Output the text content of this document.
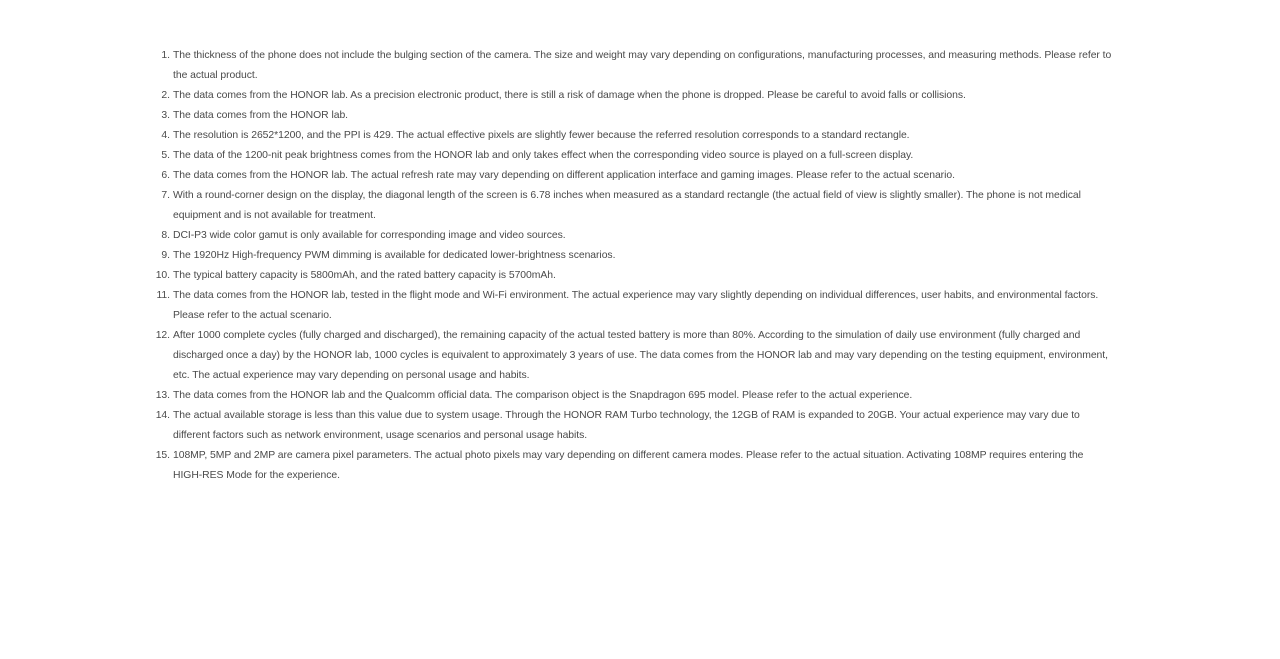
1. The thickness of the phone does not include the bulging section of the camera. The size and weight may vary depending on configurations, manufacturing processes, and measuring methods. Please refer to the actual product.
2. The data comes from the HONOR lab. As a precision electronic product, there is still a risk of damage when the phone is dropped. Please be careful to avoid falls or collisions.
3. The data comes from the HONOR lab.
4. The resolution is 2652*1200, and the PPI is 429. The actual effective pixels are slightly fewer because the referred resolution corresponds to a standard rectangle.
5. The data of the 1200-nit peak brightness comes from the HONOR lab and only takes effect when the corresponding video source is played on a full-screen display.
6. The data comes from the HONOR lab. The actual refresh rate may vary depending on different application interface and gaming images. Please refer to the actual scenario.
7. With a round-corner design on the display, the diagonal length of the screen is 6.78 inches when measured as a standard rectangle (the actual field of view is slightly smaller). The phone is not medical equipment and is not available for treatment.
8. DCI-P3 wide color gamut is only available for corresponding image and video sources.
9. The 1920Hz High-frequency PWM dimming is available for dedicated lower-brightness scenarios.
10. The typical battery capacity is 5800mAh, and the rated battery capacity is 5700mAh.
11. The data comes from the HONOR lab, tested in the flight mode and Wi-Fi environment. The actual experience may vary slightly depending on individual differences, user habits, and environmental factors. Please refer to the actual scenario.
12. After 1000 complete cycles (fully charged and discharged), the remaining capacity of the actual tested battery is more than 80%. According to the simulation of daily use environment (fully charged and discharged once a day) by the HONOR lab, 1000 cycles is equivalent to approximately 3 years of use. The data comes from the HONOR lab and may vary depending on the testing equipment, environment, etc. The actual experience may vary depending on personal usage and habits.
13. The data comes from the HONOR lab and the Qualcomm official data. The comparison object is the Snapdragon 695 model. Please refer to the actual experience.
14. The actual available storage is less than this value due to system usage. Through the HONOR RAM Turbo technology, the 12GB of RAM is expanded to 20GB. Your actual experience may vary due to different factors such as network environment, usage scenarios and personal usage habits.
15. 108MP, 5MP and 2MP are camera pixel parameters. The actual photo pixels may vary depending on different camera modes. Please refer to the actual situation. Activating 108MP requires entering the HIGH-RES Mode for the experience.
